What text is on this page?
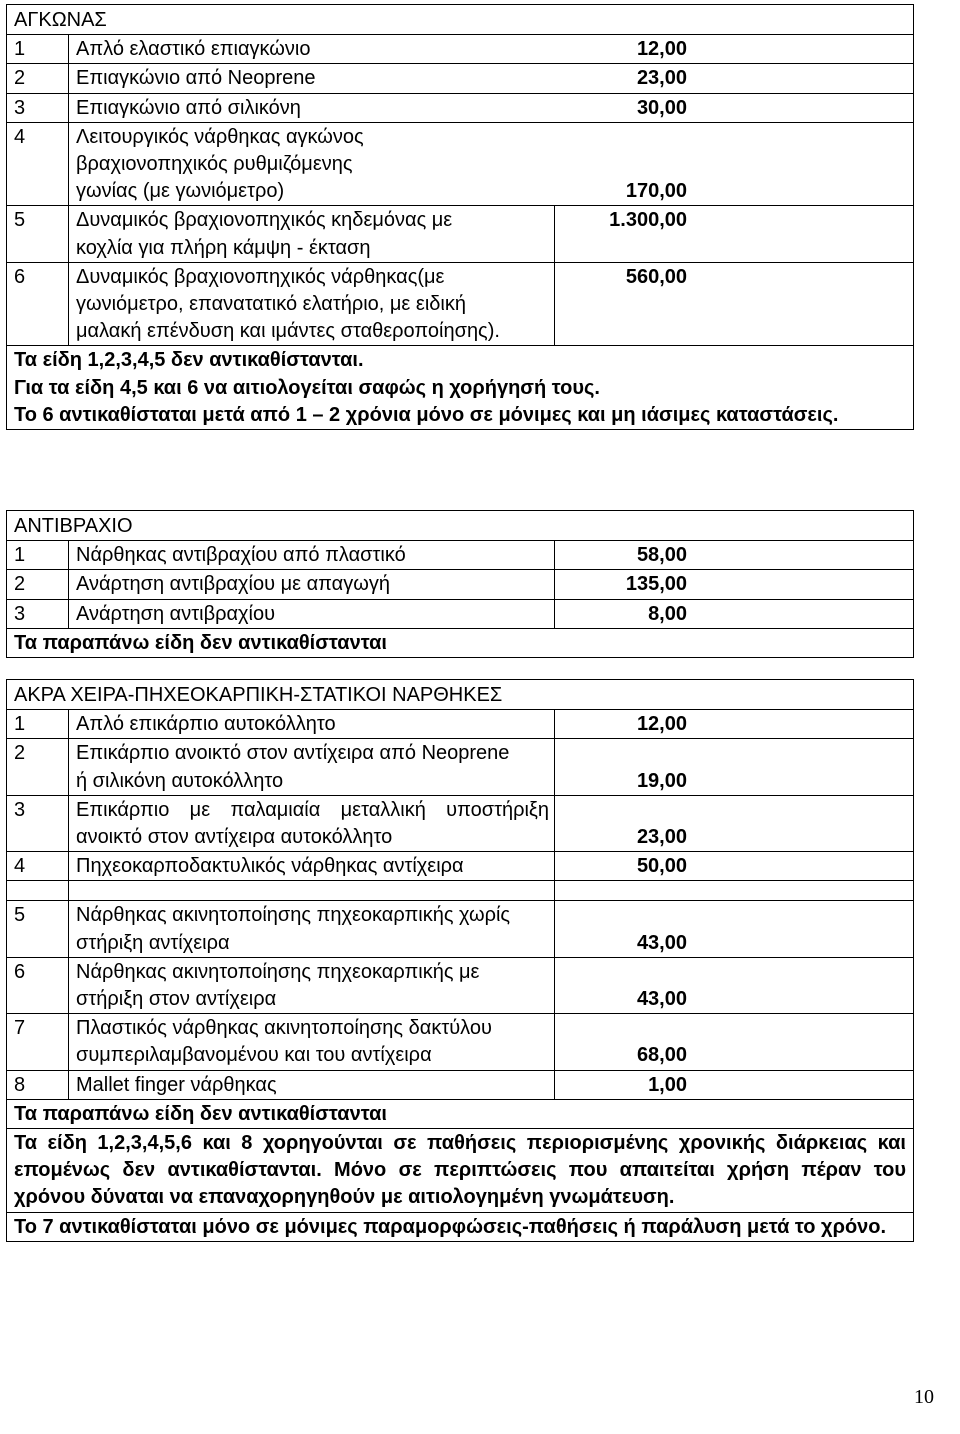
ΑΓΚΩΝΑΣ		
1	Απλό ελαστικό επιαγκώνιο	12,00
2	Επιαγκώνιο από Neoprene	23,00
3	Επιαγκώνιο από σιλικόνη	30,00
4	Λειτουργικός νάρθηκας αγκώνος βραχιονοπηχικός ρυθμιζόμενης γωνίας (με γωνιόμετρο)	170,00
5	Δυναμικός βραχιονοπηχικός κηδεμόνας με κοχλία για πλήρη κάμψη - έκταση	1.300,00
6	Δυναμικός βραχιονοπηχικός νάρθηκας(με γωνιόμετρο, επανατατικό ελατήριο, με ειδική μαλακή επένδυση και ιμάντες σταθεροποίησης).	560,00

Τα είδη 1,2,3,4,5 δεν αντικαθίστανται.
Για τα είδη 4,5 και 6 να αιτιολογείται σαφώς η χορήγησή τους.
Το 6 αντικαθίσταται μετά από 1 – 2 χρόνια μόνο σε μόνιμες και μη ιάσιμες καταστάσεις.		
ΑΝΤΙΒΡΑΧΙΟ		
1	Νάρθηκας αντιβραχίου από πλαστικό	58,00
2	Ανάρτηση αντιβραχίου με απαγωγή	135,00
3	Ανάρτηση αντιβραχίου	8,00
Τα παραπάνω είδη δεν αντικαθίστανται		
ΑΚΡΑ ΧΕΙΡΑ-ΠΗΧΕΟΚΑΡΠΙΚΗ-ΣΤΑΤΙΚΟΙ ΝΑΡΘΗΚΕΣ		
1	Απλό επικάρπιο αυτοκόλλητο	12,00
2	Επικάρπιο ανοικτό στον αντίχειρα από Neoprene ή σιλικόνη αυτοκόλλητο	19,00
3	Επικάρπιο με παλαμιαία μεταλλική υποστήριξη ανοικτό στον αντίχειρα αυτοκόλλητο	23,00
4	Πηχεοκαρποδακτυλικός νάρθηκας αντίχειρα	50,00

5	Νάρθηκας ακινητοποίησης πηχεοκαρπικής χωρίς στήριξη αντίχειρα	43,00
6	Νάρθηκας ακινητοποίησης πηχεοκαρπικής με στήριξη στον αντίχειρα	43,00
7	Πλαστικός νάρθηκας ακινητοποίησης δακτύλου συμπεριλαμβανομένου και του αντίχειρα	68,00
8	Mallet finger νάρθηκας	1,00
Τα παραπάνω είδη δεν αντικαθίστανται		
Τα είδη 1,2,3,4,5,6 και 8 χορηγούνται σε παθήσεις περιορισμένης χρονικής διάρκειας και επομένως δεν αντικαθίστανται. Μόνο σε περιπτώσεις που απαιτείται χρήση πέραν του χρόνου δύναται να επαναχορηγηθούν με αιτιολογημένη γνωμάτευση.		
Το 7 αντικαθίσταται μόνο σε μόνιμες παραμορφώσεις-παθήσεις ή παράλυση μετά το χρόνο.		
10
